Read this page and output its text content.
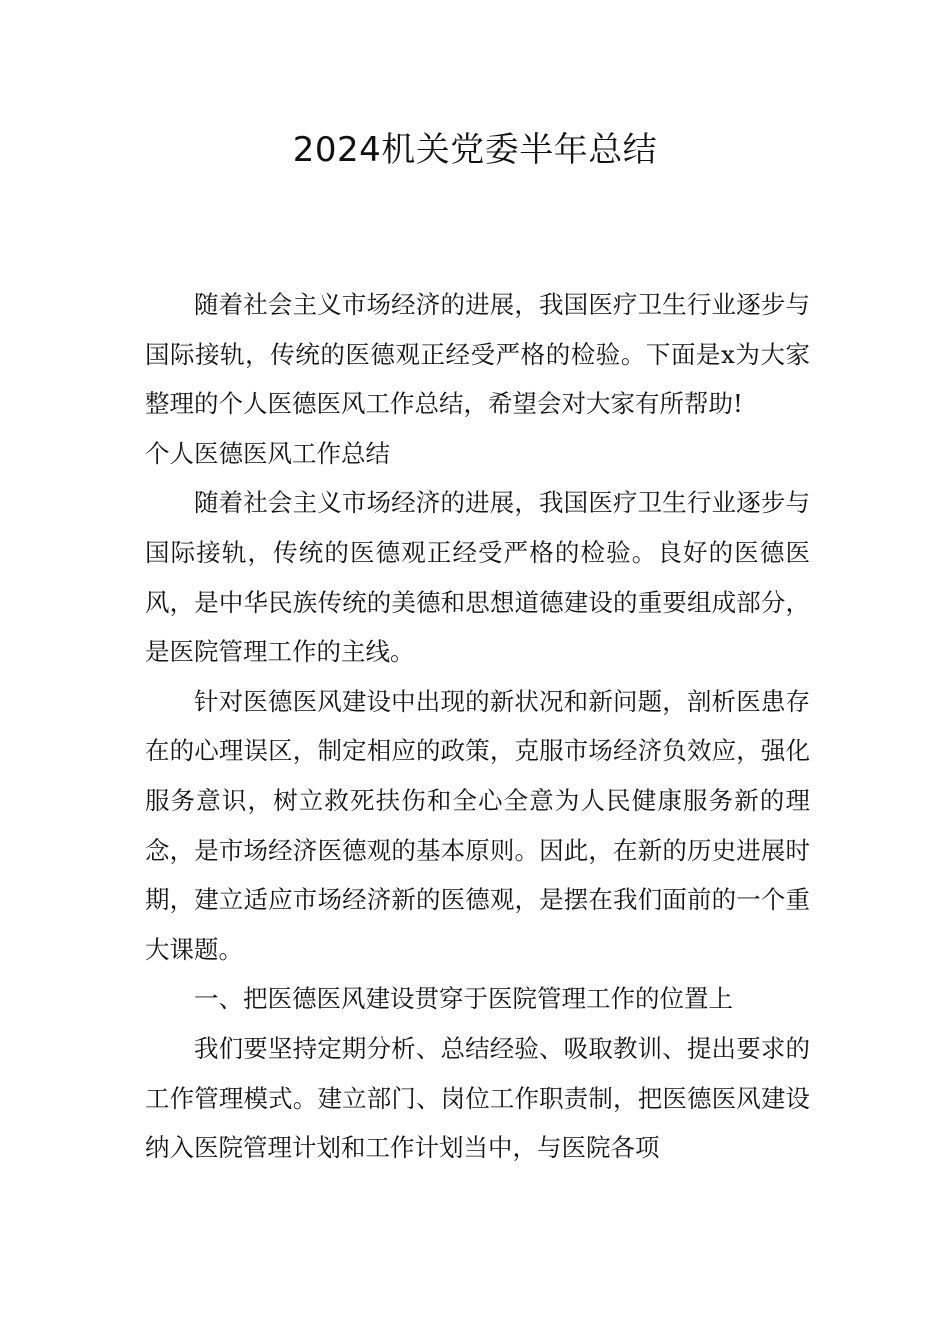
2024机关党委半年总结

随着社会主义市场经济的进展，我国医疗卫生行业逐步与国际接轨，传统的医德观正经受严格的检验。下面是x为大家整理的个人医德医风工作总结，希望会对大家有所帮助!

个人医德医风工作总结

随着社会主义市场经济的进展，我国医疗卫生行业逐步与国际接轨，传统的医德观正经受严格的检验。良好的医德医风，是中华民族传统的美德和思想道德建设的重要组成部分，是医院管理工作的主线。

针对医德医风建设中出现的新状况和新问题，剖析医患存在的心理误区，制定相应的政策，克服市场经济负效应，强化服务意识，树立救死扶伤和全心全意为人民健康服务新的理念，是市场经济医德观的基本原则。因此，在新的历史进展时期，建立适应市场经济新的医德观，是摆在我们面前的一个重大课题。

一、把医德医风建设贯穿于医院管理工作的位置上

我们要坚持定期分析、总结经验、吸取教训、提出要求的工作管理模式。建立部门、岗位工作职责制，把医德医风建设纳入医院管理计划和工作计划当中，与医院各项
